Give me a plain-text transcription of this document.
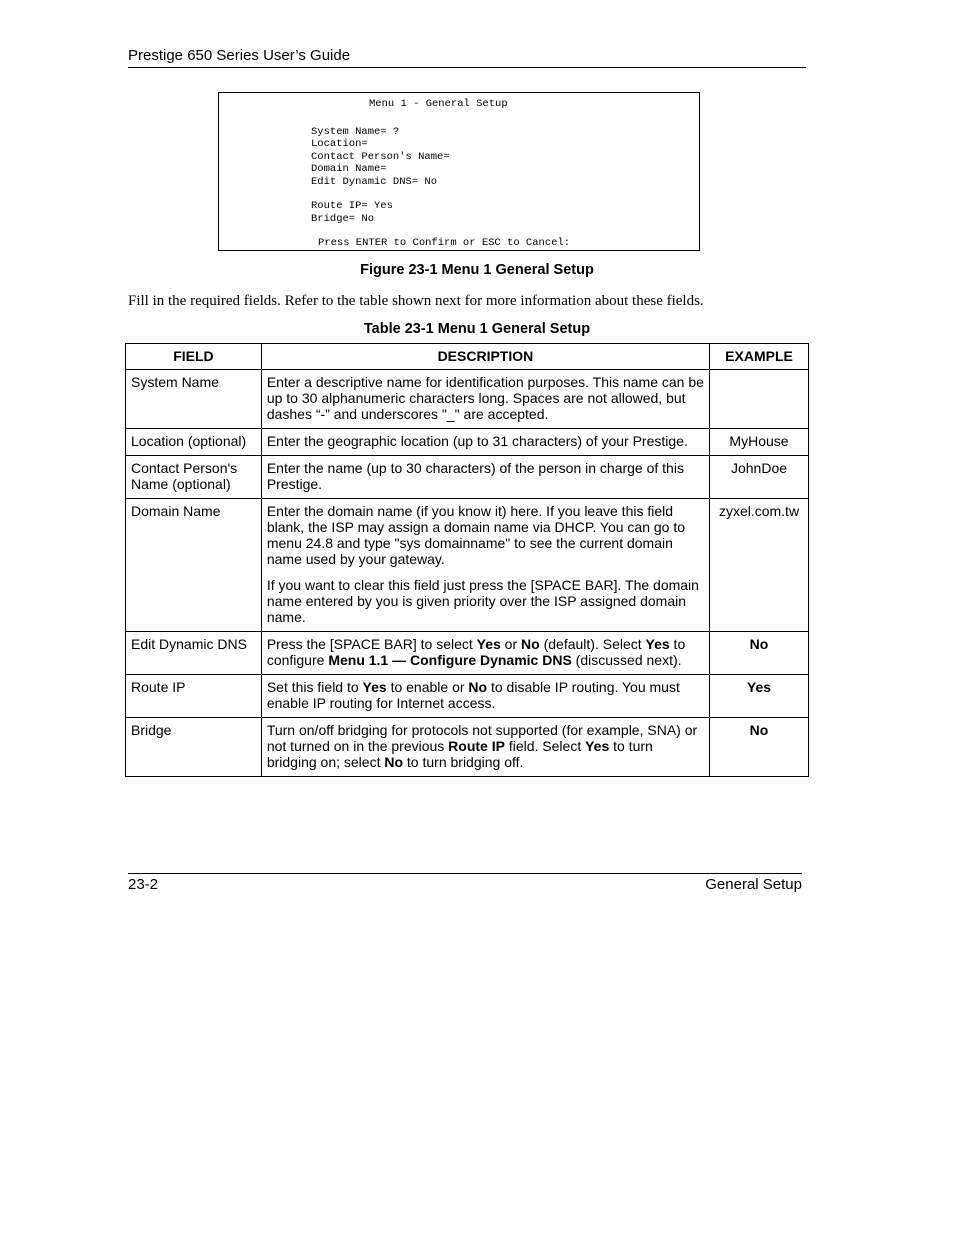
Prestige 650 Series User’s Guide
Menu 1 - General Setup
System Name= ?
Location=
Contact Person's Name=
Domain Name=
Edit Dynamic DNS= No
Route IP= Yes
Bridge= No
Press ENTER to Confirm or ESC to Cancel:
Figure 23-1 Menu 1 General Setup
Fill in the required fields. Refer to the table shown next for more information about these fields.
Table 23-1 Menu 1 General Setup
FIELD	DESCRIPTION	EXAMPLE
System Name	Enter a descriptive name for identification purposes. This name can be up to 30 alphanumeric characters long. Spaces are not allowed, but dashes “-” and underscores "_" are accepted.	

Location (optional)	Enter the geographic location (up to 31 characters) of your Prestige.	MyHouse
Contact Person's Name (optional)	Enter the name (up to 30 characters) of the person in charge of this Prestige.	JohnDoe
Domain Name	Enter the domain name (if you know it) here. If you leave this field blank, the ISP may assign a domain name via DHCP. You can go to menu 24.8 and type "sys domainname" to see the current domain name used by your gateway.

If you want to clear this field just press the [SPACE BAR]. The domain name entered by you is given priority over the ISP assigned domain name.	zyxel.com.tw
Edit Dynamic DNS	Press the [SPACE BAR] to select Yes or No (default). Select Yes to configure Menu 1.1 — Configure Dynamic DNS (discussed next).	No
Route IP	Set this field to Yes to enable or No to disable IP routing. You must enable IP routing for Internet access.	Yes
Bridge	Turn on/off bridging for protocols not supported (for example, SNA) or not turned on in the previous Route IP field. Select Yes to turn bridging on; select No to turn bridging off.	No
23-2	General Setup
